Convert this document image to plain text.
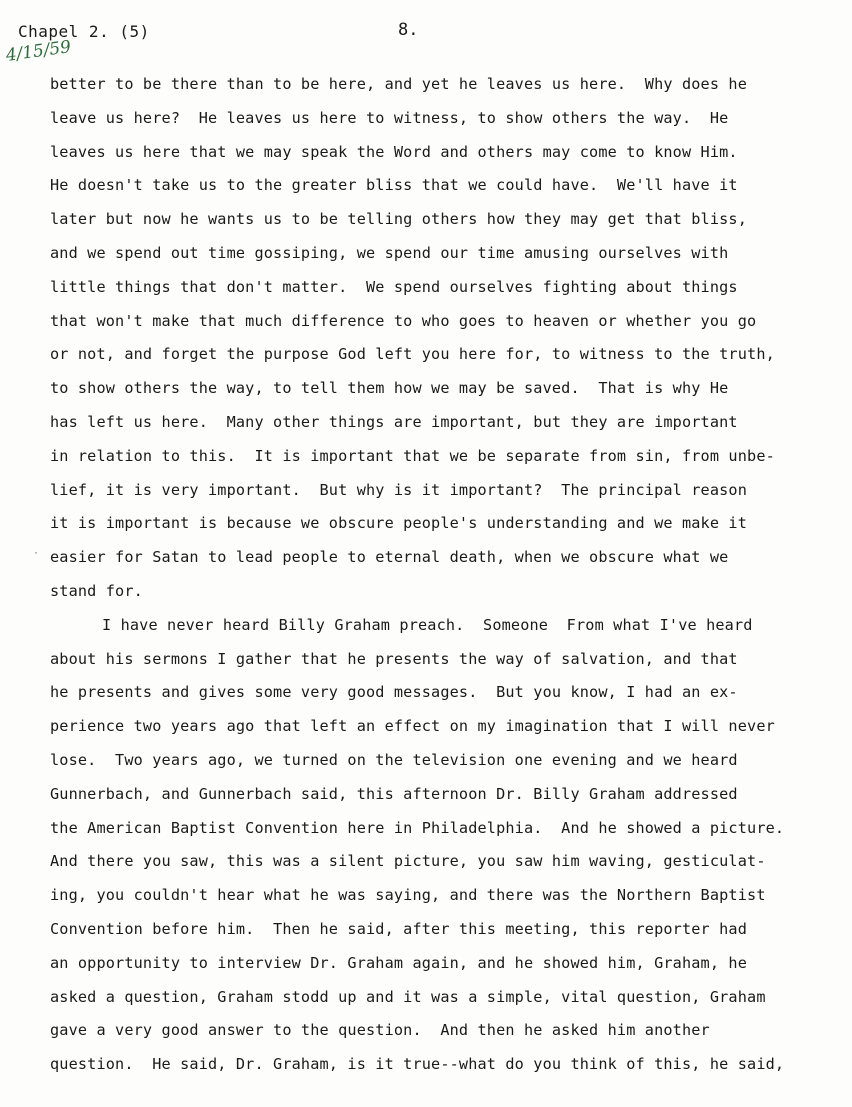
Chapel 2. (5)	8.
4/15/59
·
better to be there than to be here, and yet he leaves us here.  Why does he
leave us here?  He leaves us here to witness, to show others the way.  He
leaves us here that we may speak the Word and others may come to know Him.
He doesn't take us to the greater bliss that we could have.  We'll have it
later but now he wants us to be telling others how they may get that bliss,
and we spend out time gossiping, we spend our time amusing ourselves with
little things that don't matter.  We spend ourselves fighting about things
that won't make that much difference to who goes to heaven or whether you go
or not, and forget the purpose God left you here for, to witness to the truth,
to show others the way, to tell them how we may be saved.  That is why He
has left us here.  Many other things are important, but they are important
in relation to this.  It is important that we be separate from sin, from unbe-
lief, it is very important.  But why is it important?  The principal reason
it is important is because we obscure people's understanding and we make it
easier for Satan to lead people to eternal death, when we obscure what we
stand for.
I have never heard Billy Graham preach.  Someone  From what I've heard
about his sermons I gather that he presents the way of salvation, and that
he presents and gives some very good messages.  But you know, I had an ex-
perience two years ago that left an effect on my imagination that I will never
lose.  Two years ago, we turned on the television one evening and we heard
Gunnerbach, and Gunnerbach said, this afternoon Dr. Billy Graham addressed
the American Baptist Convention here in Philadelphia.  And he showed a picture.
And there you saw, this was a silent picture, you saw him waving, gesticulat-
ing, you couldn't hear what he was saying, and there was the Northern Baptist
Convention before him.  Then he said, after this meeting, this reporter had
an opportunity to interview Dr. Graham again, and he showed him, Graham, he
asked a question, Graham stodd up and it was a simple, vital question, Graham
gave a very good answer to the question.  And then he asked him another
question.  He said, Dr. Graham, is it true--what do you think of this, he said,
